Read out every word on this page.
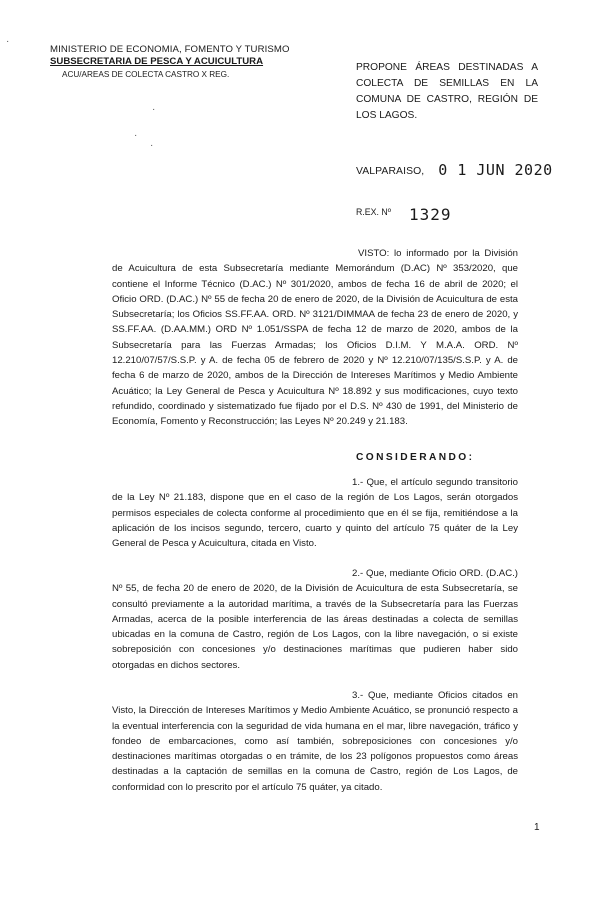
MINISTERIO DE ECONOMIA, FOMENTO Y TURISMO
SUBSECRETARIA DE PESCA Y ACUICULTURA
ACU/AREAS DE COLECTA CASTRO X REG.
·
·
·
·
PROPONE ÁREAS DESTINADAS A COLECTA DE SEMILLAS EN LA COMUNA DE CASTRO, REGIÓN DE LOS LAGOS.
VALPARAISO, 0 1 JUN 2020
R.EX. Nº 1329
VISTO: lo informado por la División de Acuicultura de esta Subsecretaría mediante Memorándum (D.AC) Nº 353/2020, que contiene el Informe Técnico (D.AC.) Nº 301/2020, ambos de fecha 16 de abril de 2020; el Oficio ORD. (D.AC.) Nº 55 de fecha 20 de enero de 2020, de la División de Acuicultura de esta Subsecretaría; los Oficios SS.FF.AA. ORD. Nº 3121/DIMMAA de fecha 23 de enero de 2020, y SS.FF.AA. (D.AA.MM.) ORD Nº 1.051/SSPA de fecha 12 de marzo de 2020, ambos de la Subsecretaría para las Fuerzas Armadas; los Oficios D.I.M. Y M.A.A. ORD. Nº 12.210/07/57/S.S.P. y A. de fecha 05 de febrero de 2020 y Nº 12.210/07/135/S.S.P. y A. de fecha 6 de marzo de 2020, ambos de la Dirección de Intereses Marítimos y Medio Ambiente Acuático; la Ley General de Pesca y Acuicultura Nº 18.892 y sus modificaciones, cuyo texto refundido, coordinado y sistematizado fue fijado por el D.S. Nº 430 de 1991, del Ministerio de Economía, Fomento y Reconstrucción; las Leyes Nº 20.249 y 21.183.
CONSIDERANDO:
1.- Que, el artículo segundo transitorio de la Ley Nº 21.183, dispone que en el caso de la región de Los Lagos, serán otorgados permisos especiales de colecta conforme al procedimiento que en él se fija, remitiéndose a la aplicación de los incisos segundo, tercero, cuarto y quinto del artículo 75 quáter de la Ley General de Pesca y Acuicultura, citada en Visto.
2.- Que, mediante Oficio ORD. (D.AC.) Nº 55, de fecha 20 de enero de 2020, de la División de Acuicultura de esta Subsecretaría, se consultó previamente a la autoridad marítima, a través de la Subsecretaría para las Fuerzas Armadas, acerca de la posible interferencia de las áreas destinadas a colecta de semillas ubicadas en la comuna de Castro, región de Los Lagos, con la libre navegación, o si existe sobreposición con concesiones y/o destinaciones marítimas que pudieren haber sido otorgadas en dichos sectores.
3.- Que, mediante Oficios citados en Visto, la Dirección de Intereses Marítimos y Medio Ambiente Acuático, se pronunció respecto a la eventual interferencia con la seguridad de vida humana en el mar, libre navegación, tráfico y fondeo de embarcaciones, como así también, sobreposiciones con concesiones y/o destinaciones marítimas otorgadas o en trámite, de los 23 polígonos propuestos como áreas destinadas a la captación de semillas en la comuna de Castro, región de Los Lagos, de conformidad con lo prescrito por el artículo 75 quáter, ya citado.
1
